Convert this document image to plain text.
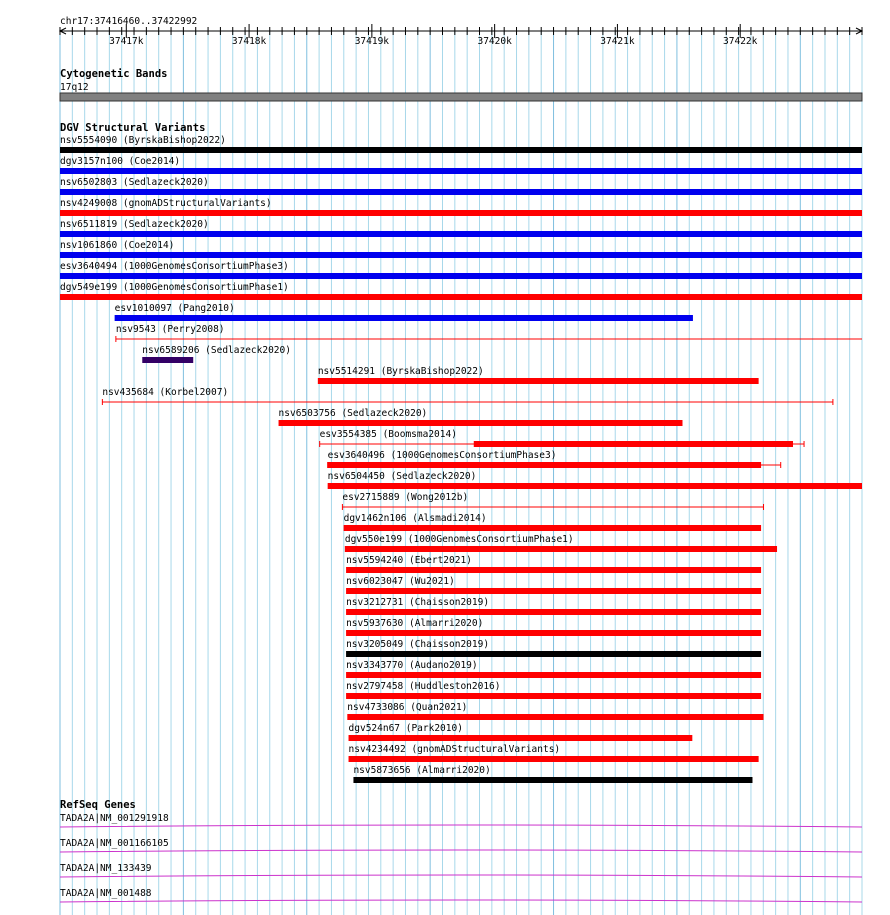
chr17:37416460..37422992
37417k	37418k	37419k	37420k	37421k	37422k
Cytogenetic Bands
17q12
DGV Structural Variants
nsv5554090 (ByrskaBishop2022)
dgv3157n100 (Coe2014)
nsv6502803 (Sedlazeck2020)
nsv4249008 (gnomADStructuralVariants)
nsv6511819 (Sedlazeck2020)
nsv1061860 (Coe2014)
esv3640494 (1000GenomesConsortiumPhase3)
dgv549e199 (1000GenomesConsortiumPhase1)
esv1010097 (Pang2010)
nsv9543 (Perry2008)
nsv6589206 (Sedlazeck2020)
nsv5514291 (ByrskaBishop2022)
nsv435684 (Korbel2007)
nsv6503756 (Sedlazeck2020)
esv3554385 (Boomsma2014)
esv3640496 (1000GenomesConsortiumPhase3)
nsv6504450 (Sedlazeck2020)
esv2715889 (Wong2012b)
dgv1462n106 (Alsmadi2014)
dgv550e199 (1000GenomesConsortiumPhase1)
nsv5594240 (Ebert2021)
nsv6023047 (Wu2021)
nsv3212731 (Chaisson2019)
nsv5937630 (Almarri2020)
nsv3205049 (Chaisson2019)
nsv3343770 (Audano2019)
nsv2797458 (Huddleston2016)
nsv4733086 (Quan2021)
dgv524n67 (Park2010)
nsv4234492 (gnomADStructuralVariants)
nsv5873656 (Almarri2020)
RefSeq Genes
TADA2A|NM_001291918
TADA2A|NM_001166105
TADA2A|NM_133439
TADA2A|NM_001488
